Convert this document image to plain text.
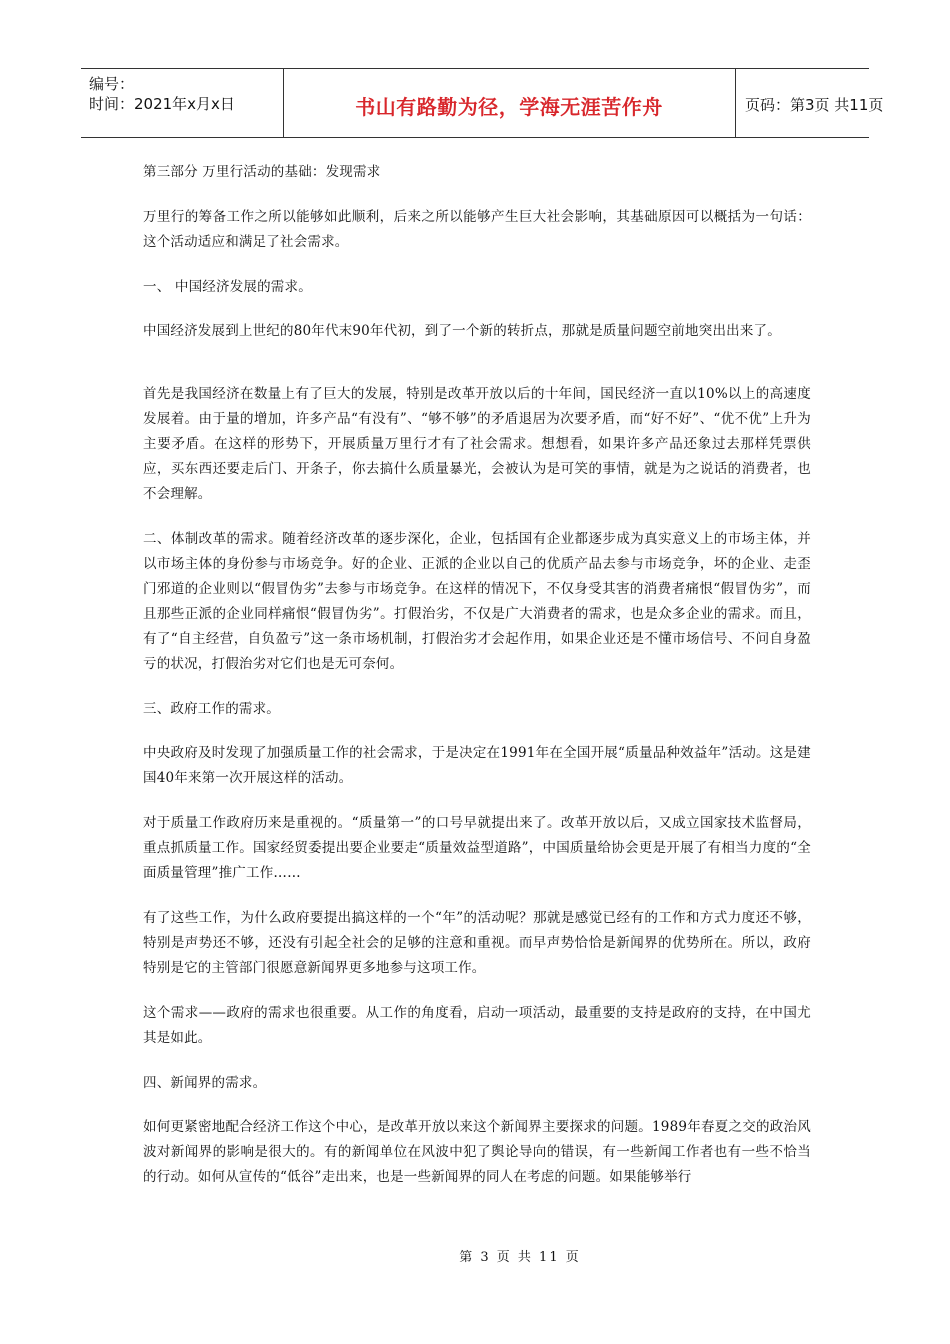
编号：
时间：2021年x月x日	书山有路勤为径，学海无涯苦作舟	页码：第3页 共11页

第三部分 万里行活动的基础：发现需求

万里行的筹备工作之所以能够如此顺利，后来之所以能够产生巨大社会影响，其基础原因可以概括为一句话：这个活动适应和满足了社会需求。

一、 中国经济发展的需求。

中国经济发展到上世纪的80年代末90年代初，到了一个新的转折点，那就是质量问题空前地突出出来了。

首先是我国经济在数量上有了巨大的发展，特别是改革开放以后的十年间，国民经济一直以10%以上的高速度发展着。由于量的增加，许多产品“有没有”、“够不够”的矛盾退居为次要矛盾，而“好不好”、“优不优”上升为主要矛盾。在这样的形势下，开展质量万里行才有了社会需求。想想看，如果许多产品还象过去那样凭票供应，买东西还要走后门、开条子，你去搞什么质量暴光，会被认为是可笑的事情，就是为之说话的消费者，也不会理解。

二、体制改革的需求。随着经济改革的逐步深化，企业，包括国有企业都逐步成为真实意义上的市场主体，并以市场主体的身份参与市场竞争。好的企业、正派的企业以自己的优质产品去参与市场竞争，坏的企业、走歪门邪道的企业则以“假冒伪劣”去参与市场竞争。在这样的情况下，不仅身受其害的消费者痛恨“假冒伪劣”，而且那些正派的企业同样痛恨“假冒伪劣”。打假治劣，不仅是广大消费者的需求，也是众多企业的需求。而且，有了“自主经营，自负盈亏”这一条市场机制，打假治劣才会起作用，如果企业还是不懂市场信号、不问自身盈亏的状况，打假治劣对它们也是无可奈何。

三、政府工作的需求。

中央政府及时发现了加强质量工作的社会需求，于是决定在1991年在全国开展“质量品种效益年”活动。这是建国40年来第一次开展这样的活动。

对于质量工作政府历来是重视的。“质量第一”的口号早就提出来了。改革开放以后，又成立国家技术监督局，重点抓质量工作。国家经贸委提出要企业要走“质量效益型道路”，中国质量给协会更是开展了有相当力度的“全面质量管理”推广工作……

有了这些工作，为什么政府要提出搞这样的一个“年”的活动呢？那就是感觉已经有的工作和方式力度还不够，特别是声势还不够，还没有引起全社会的足够的注意和重视。而早声势恰恰是新闻界的优势所在。所以，政府特别是它的主管部门很愿意新闻界更多地参与这项工作。

这个需求——政府的需求也很重要。从工作的角度看，启动一项活动，最重要的支持是政府的支持，在中国尤其是如此。

四、新闻界的需求。

如何更紧密地配合经济工作这个中心，是改革开放以来这个新闻界主要探求的问题。1989年春夏之交的政治风波对新闻界的影响是很大的。有的新闻单位在风波中犯了舆论导向的错误，有一些新闻工作者也有一些不恰当的行动。如何从宣传的“低谷”走出来，也是一些新闻界的同人在考虑的问题。如果能够举行

第 3 页 共 11 页
